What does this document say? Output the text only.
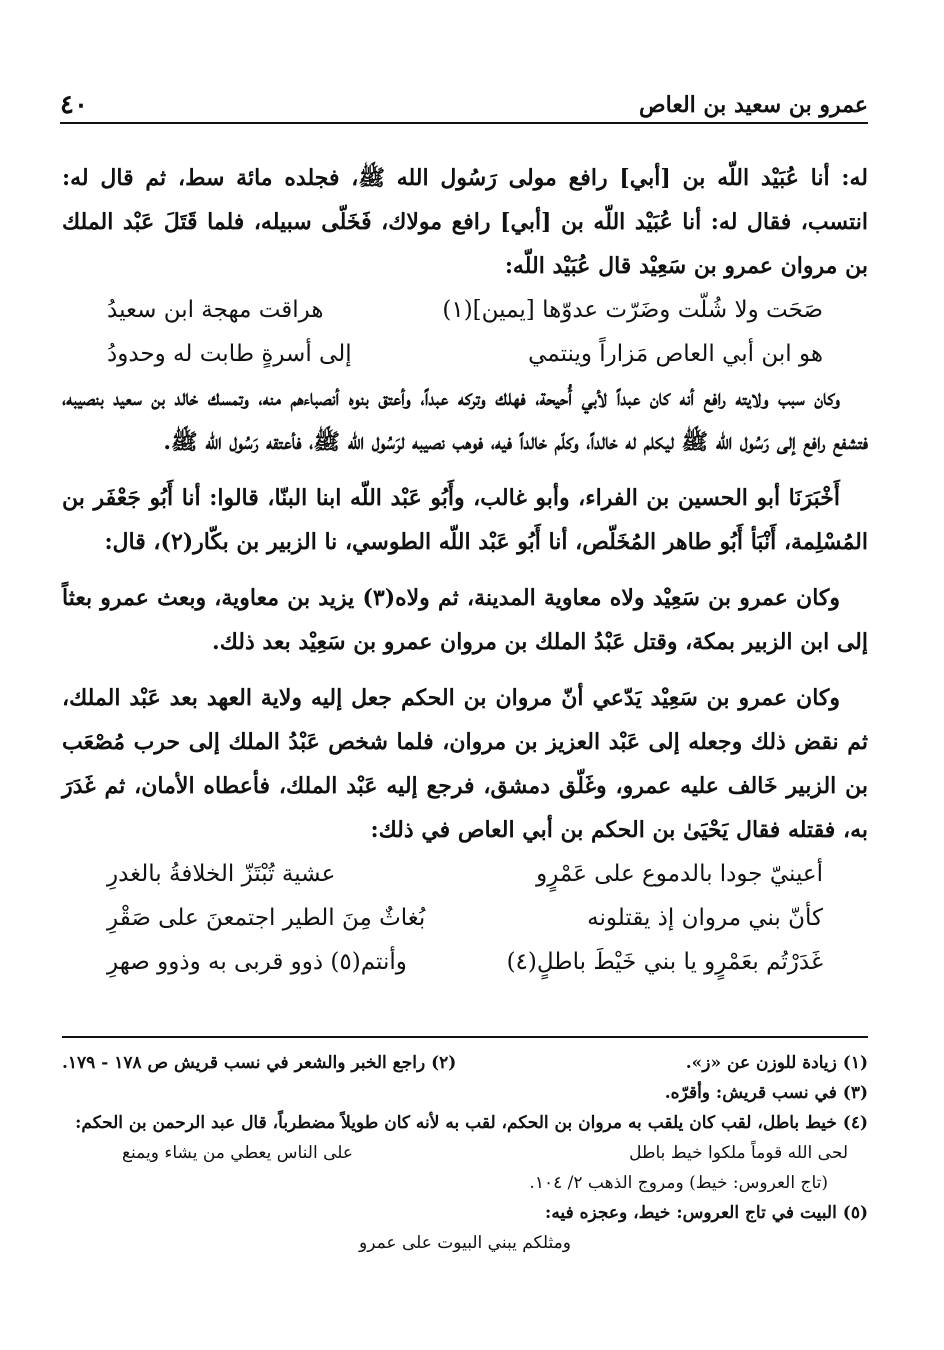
عمرو بن سعيد بن العاص
٤٠

له: أنا عُبَيْد اللّه بن [أبي] رافع مولى رَسُول الله ﷺ، فجلده مائة سط، ثم قال له: انتسب، فقال له: أنا عُبَيْد اللّه بن [أبي] رافع مولاك، فَخَلّى سبيله، فلما قَتَلَ عَبْد الملك بن مروان عمرو بن سَعِيْد قال عُبَيْد اللّه:

صَحَت ولا شُلّت وضَرّت عدوّها [يمين](١)
هراقت مهجة ابن سعيدُ
هو ابن أبي العاص مَزاراً وينتمي
إلى أسرةٍ طابت له وحدودُ

وكان سبب ولايته رافع أنه كان عبداً لأبي أُحيحة، فهلك وتركه عبداً، وأعتق بنوه أنصباءهم منه، وتمسك خالد بن سعيد بنصيبه، فتشفع رافع إلى رَسُول الله ﷺ ليكلم له خالداً، وكلّم خالداً فيه، فوهب نصيبه لرَسُول الله ﷺ، فأعتقه رَسُول الله ﷺ.

أَخْبَرَنَا أبو الحسين بن الفراء، وأبو غالب، وأَبُو عَبْد اللّه ابنا البنّا، قالوا: أنا أَبُو جَعْفَر بن المُسْلِمة، أَنْبَأ أَبُو طاهر المُخَلّص، أنا أَبُو عَبْد اللّه الطوسي، نا الزبير بن بكّار(٢)، قال:

وكان عمرو بن سَعِيْد ولاه معاوية المدينة، ثم ولاه(٣) يزيد بن معاوية، وبعث عمرو بعثاً إلى ابن الزبير بمكة، وقتل عَبْدُ الملك بن مروان عمرو بن سَعِيْد بعد ذلك.

وكان عمرو بن سَعِيْد يَدّعي أنّ مروان بن الحكم جعل إليه ولاية العهد بعد عَبْد الملك، ثم نقض ذلك وجعله إلى عَبْد العزيز بن مروان، فلما شخص عَبْدُ الملك إلى حرب مُصْعَب بن الزبير خَالف عليه عمرو، وغَلّق دمشق، فرجع إليه عَبْد الملك، فأعطاه الأمان، ثم غَدَرَ به، فقتله فقال يَحْيَىٰ بن الحكم بن أبي العاص في ذلك:

أعينيّ جودا بالدموع على عَمْرٍو
عشية تُبْتَزّ الخلافةُ بالغدرِ
كأنّ بني مروان إذ يقتلونه
بُغاثٌ مِنَ الطير اجتمعنَ على صَقْرِ
غَدَرْتُم بعَمْرٍو يا بني خَيْطَ باطلٍ(٤)
وأنتم(٥) ذوو قربى به وذوو صهرِ
(١) زيادة للوزن عن «ز».
(٢) راجع الخبر والشعر في نسب قريش ص ١٧٨ - ١٧٩.
(٣) في نسب قريش: وأقرّه.
(٤) خيط باطل، لقب كان يلقب به مروان بن الحكم، لقب به لأنه كان طويلاً مضطرباً، قال عبد الرحمن بن الحكم:
لحى الله قوماً ملكوا خيط باطل
على الناس يعطي من يشاء ويمنع
(تاج العروس: خيط) ومروج الذهب ٢/ ١٠٤.
(٥) البيت في تاج العروس: خيط، وعجزه فيه:
ومثلكم يبني البيوت على عمرو
